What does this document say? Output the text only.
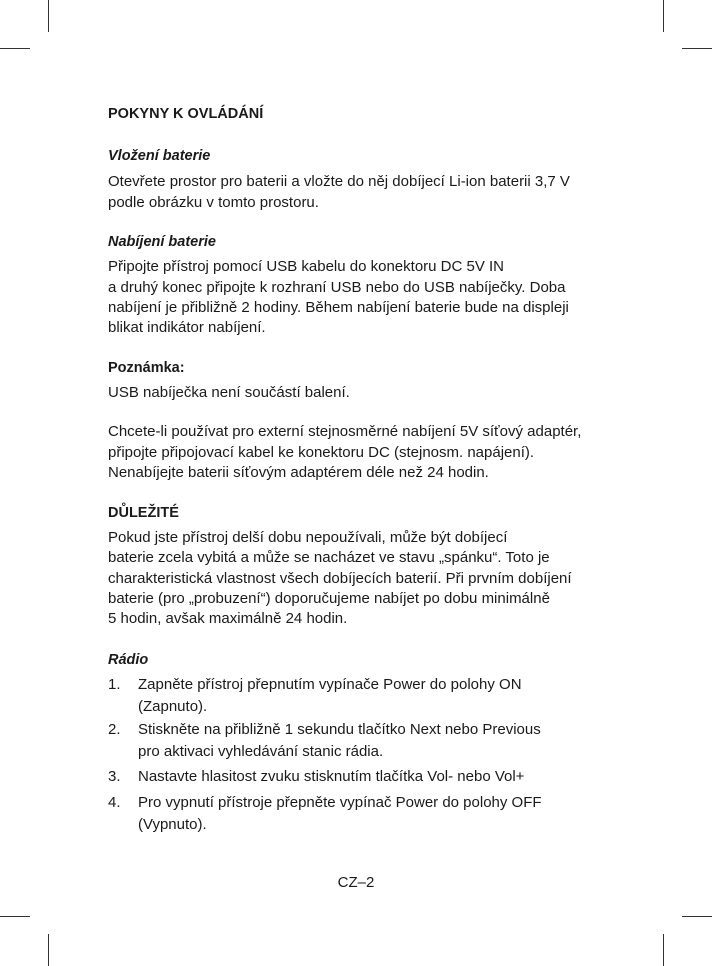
POKYNY K OVLÁDÁNÍ
Vložení baterie
Otevřete prostor pro baterii a vložte do něj dobíjecí Li-ion baterii 3,7 V
podle obrázku v tomto prostoru.
Nabíjení baterie
Připojte přístroj pomocí USB kabelu do konektoru DC 5V IN
a druhý konec připojte k rozhraní USB nebo do USB nabíječky. Doba
nabíjení je přibližně 2 hodiny. Během nabíjení baterie bude na displeji
blikat indikátor nabíjení.
Poznámka:
USB nabíječka není součástí balení.
Chcete-li používat pro externí stejnosměrné nabíjení 5V síťový adaptér,
připojte připojovací kabel ke konektoru DC (stejnosm. napájení).
Nenabíjejte baterii síťovým adaptérem déle než 24 hodin.
DŮLEŽITÉ
Pokud jste přístroj delší dobu nepoužívali, může být dobíjecí
baterie zcela vybitá a může se nacházet ve stavu „spánku“. Toto je
charakteristická vlastnost všech dobíjecích baterií. Při prvním dobíjení
baterie (pro „probuzení“) doporučujeme nabíjet po dobu minimálně
5 hodin, avšak maximálně 24 hodin.
Rádio
1. Zapněte přístroj přepnutím vypínače Power do polohy ON
(Zapnuto).
2. Stiskněte na přibližně 1 sekundu tlačítko Next nebo Previous
pro aktivaci vyhledávání stanic rádia.
3. Nastavte hlasitost zvuku stisknutím tlačítka Vol- nebo Vol+
4. Pro vypnutí přístroje přepněte vypínač Power do polohy OFF
(Vypnuto).
CZ–2
